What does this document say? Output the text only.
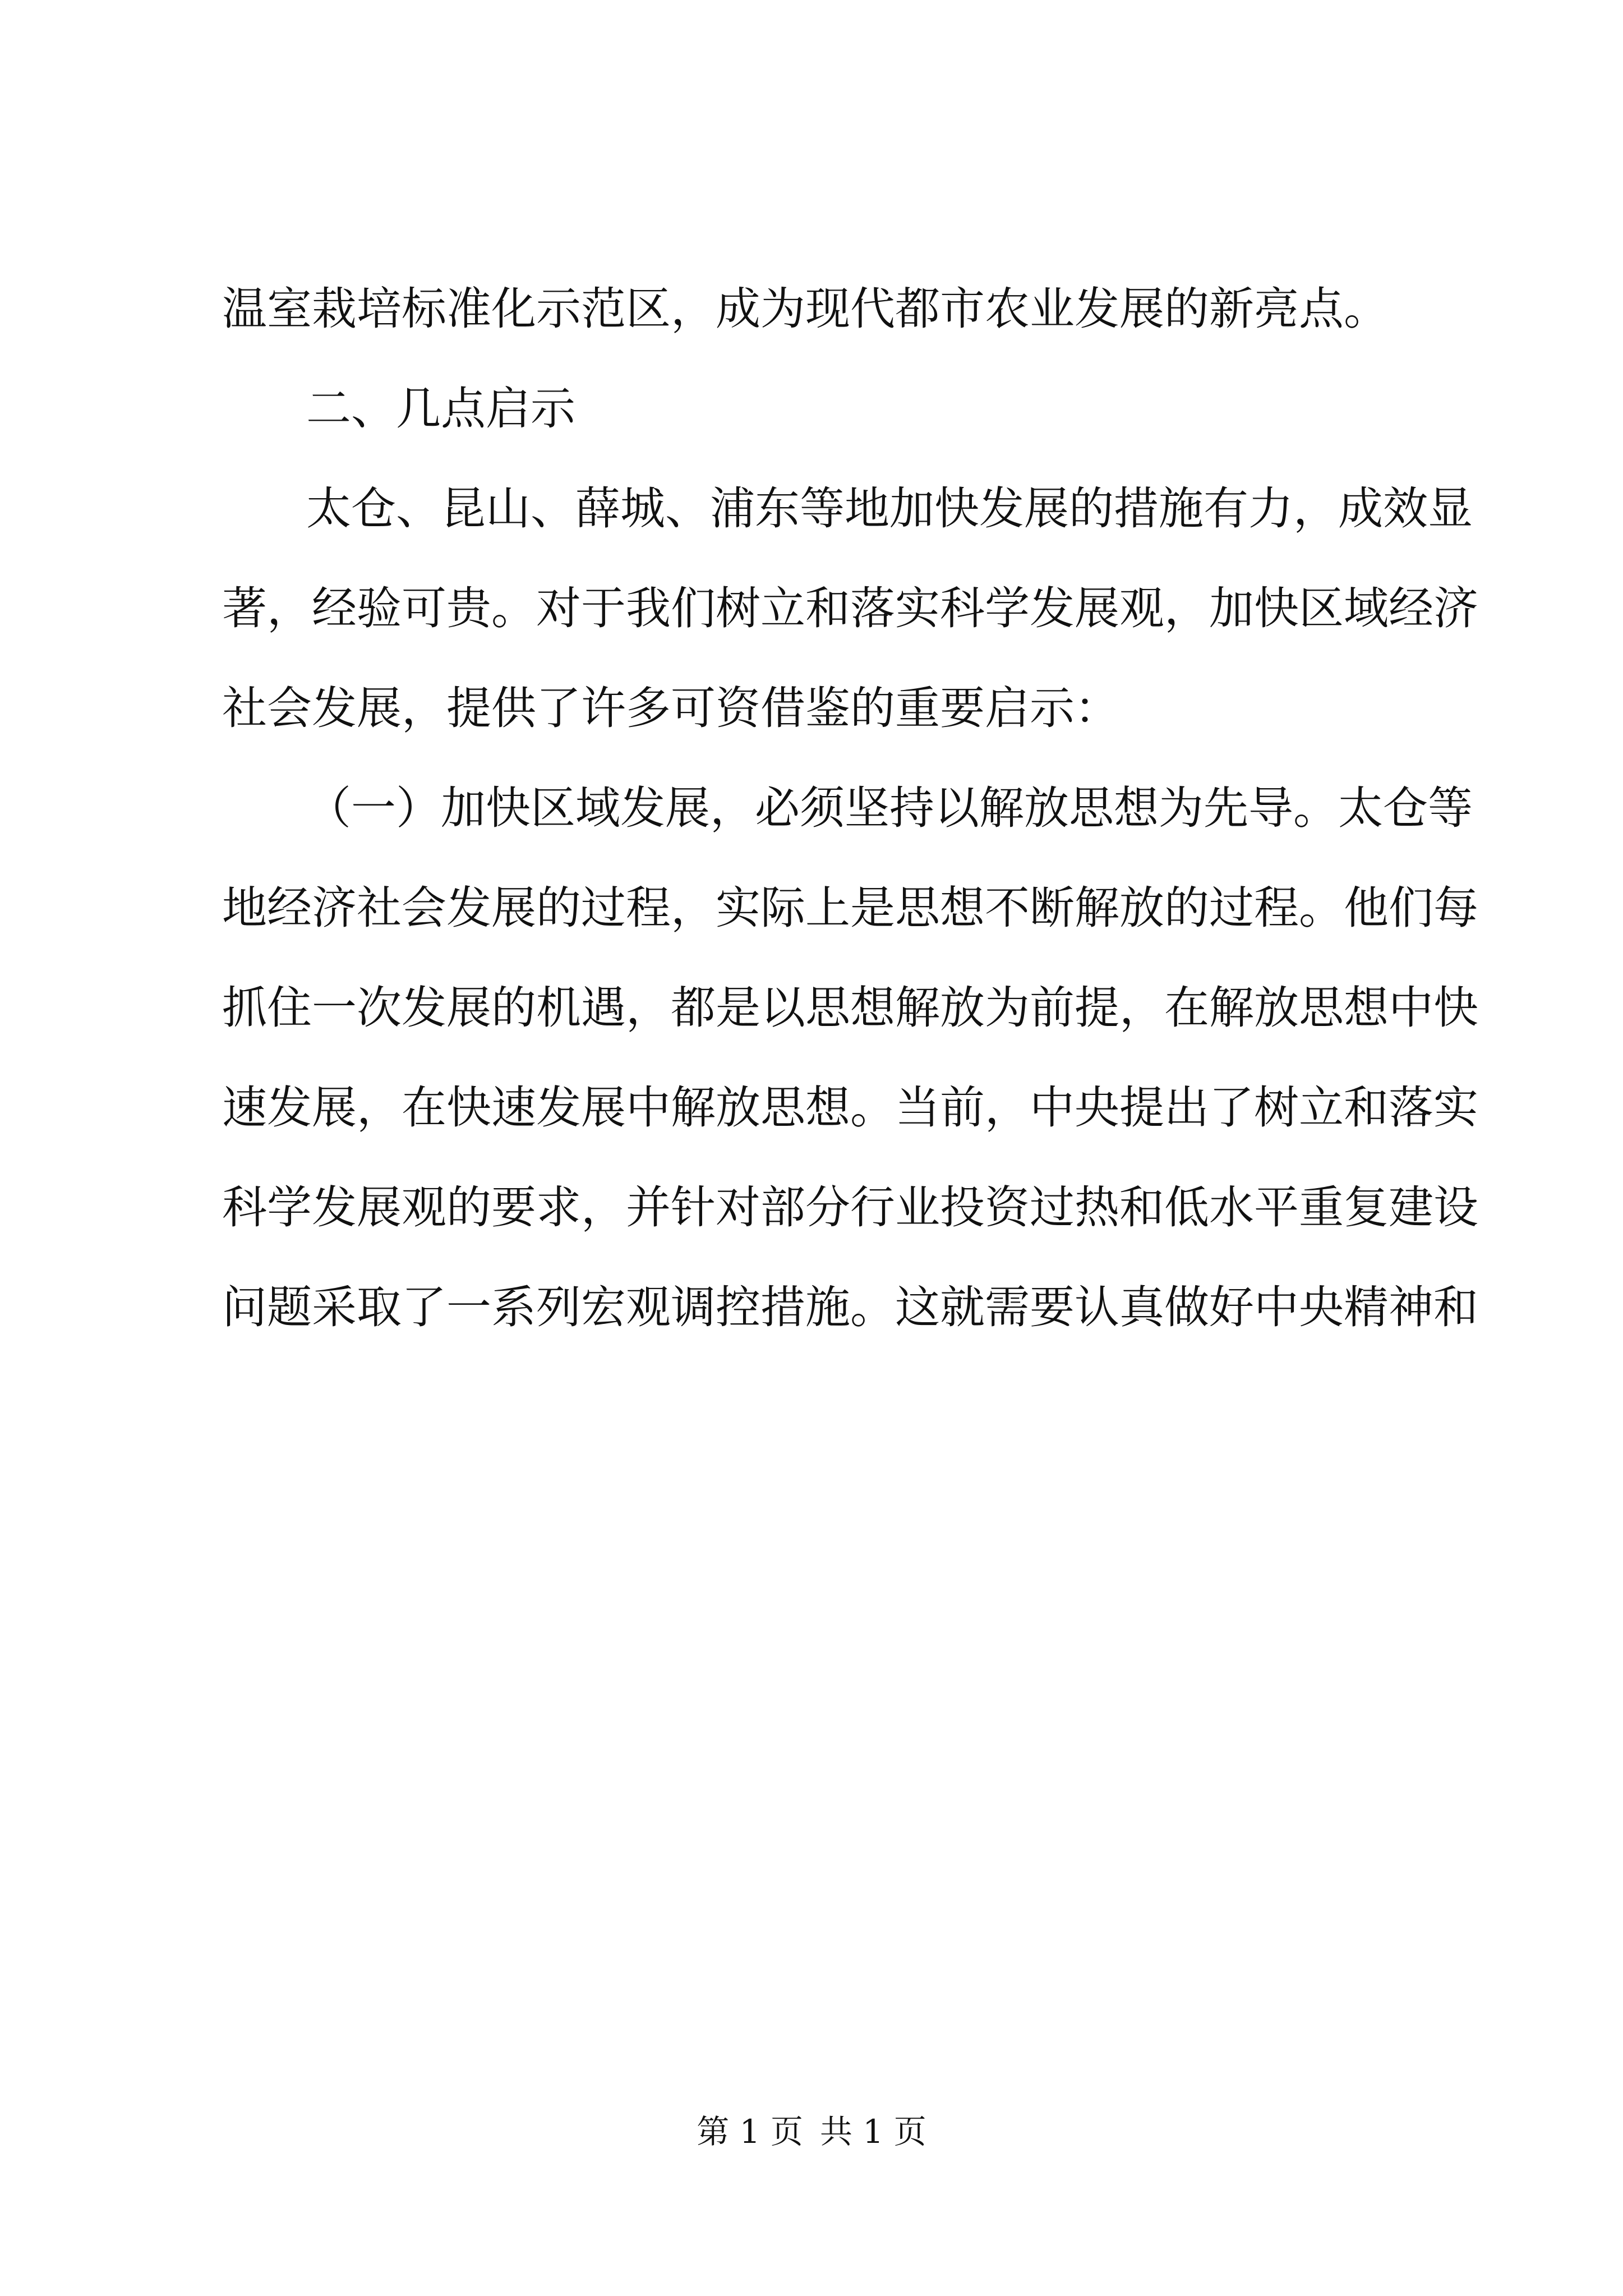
温室栽培标准化示范区，成为现代都市农业发展的新亮点。
二、几点启示
太仓、昆山、薛城、浦东等地加快发展的措施有力，成效显
著，经验可贵。对于我们树立和落实科学发展观，加快区域经济
社会发展，提供了许多可资借鉴的重要启示：
（一）加快区域发展，必须坚持以解放思想为先导。太仓等
地经济社会发展的过程，实际上是思想不断解放的过程。他们每
抓住一次发展的机遇，都是以思想解放为前提，在解放思想中快
速发展，在快速发展中解放思想。当前，中央提出了树立和落实
科学发展观的要求，并针对部分行业投资过热和低水平重复建设
问题采取了一系列宏观调控措施。这就需要认真做好中央精神和
第 1 页 共 1 页
